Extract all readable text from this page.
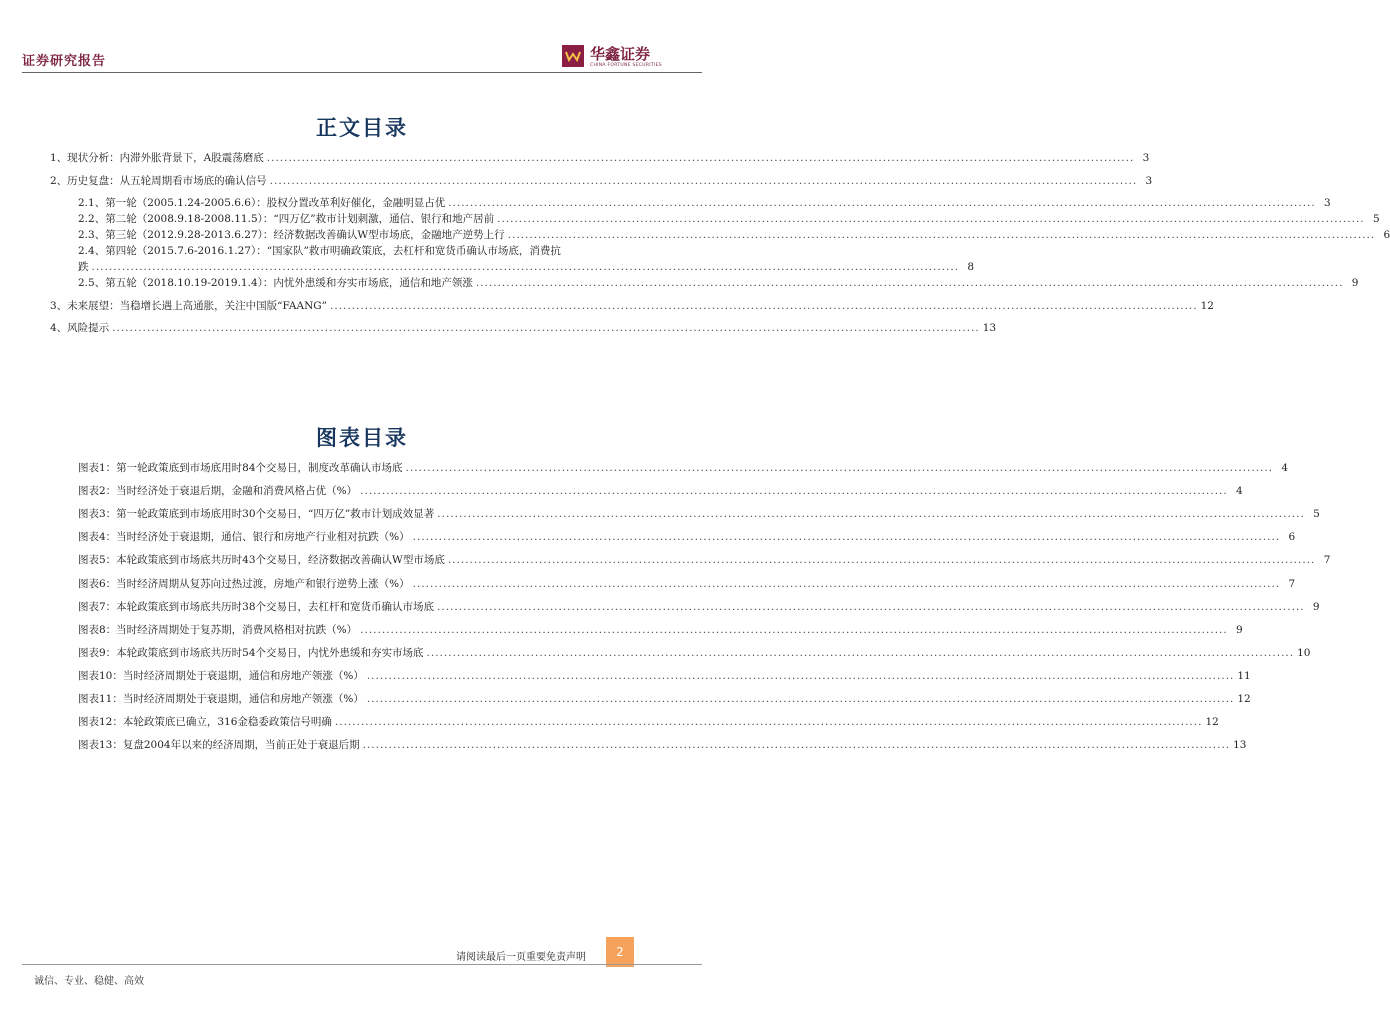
证券研究报告	华鑫证券
CHINA FORTUNE SECURITIES
正文目录
1、现状分析：内滞外胀背景下，A股震荡磨底 ........................................................................................................................................................................................................ 3
2、历史复盘：从五轮周期看市场底的确认信号 ........................................................................................................................................................................................................ 3
2.1、第一轮（2005.1.24-2005.6.6）：股权分置改革利好催化，金融明显占优 ........................................................................................................................................................................................................ 3
2.2、第二轮（2008.9.18-2008.11.5）：“四万亿”救市计划刺激，通信、银行和地产居前 ........................................................................................................................................................................................................ 5
2.3、第三轮（2012.9.28-2013.6.27）：经济数据改善确认W型市场底，金融地产逆势上行 ........................................................................................................................................................................................................ 6
2.4、第四轮（2015.7.6-2016.1.27）：“国家队”救市明确政策底，去杠杆和宽货币确认市场底，消费抗
跌 ........................................................................................................................................................................................................ 8
2.5、第五轮（2018.10.19-2019.1.4）：内忧外患缓和夯实市场底，通信和地产领涨 ........................................................................................................................................................................................................ 9
3、未来展望：当稳增长遇上高通胀，关注中国版“FAANG” ........................................................................................................................................................................................................ 12
4、风险提示 ........................................................................................................................................................................................................ 13
图表目录
图表1：第一轮政策底到市场底用时84个交易日，制度改革确认市场底 ........................................................................................................................................................................................................ 4
图表2：当时经济处于衰退后期，金融和消费风格占优（%） ........................................................................................................................................................................................................ 4
图表3：第一轮政策底到市场底用时30个交易日，“四万亿”救市计划成效显著 ........................................................................................................................................................................................................ 5
图表4：当时经济处于衰退期，通信、银行和房地产行业相对抗跌（%） ........................................................................................................................................................................................................ 6
图表5：本轮政策底到市场底共历时43个交易日，经济数据改善确认W型市场底 ........................................................................................................................................................................................................ 7
图表6：当时经济周期从复苏向过热过渡，房地产和银行逆势上涨（%） ........................................................................................................................................................................................................ 7
图表7：本轮政策底到市场底共历时38个交易日，去杠杆和宽货币确认市场底 ........................................................................................................................................................................................................ 9
图表8：当时经济周期处于复苏期，消费风格相对抗跌（%） ........................................................................................................................................................................................................ 9
图表9：本轮政策底到市场底共历时54个交易日，内忧外患缓和夯实市场底 ........................................................................................................................................................................................................ 10
图表10：当时经济周期处于衰退期，通信和房地产领涨（%） ........................................................................................................................................................................................................ 11
图表11：当时经济周期处于衰退期，通信和房地产领涨（%） ........................................................................................................................................................................................................ 12
图表12：本轮政策底已确立，316金稳委政策信号明确 ........................................................................................................................................................................................................ 12
图表13：复盘2004年以来的经济周期，当前正处于衰退后期 ........................................................................................................................................................................................................ 13
请阅读最后一页重要免责声明	2
诚信、专业、稳健、高效
